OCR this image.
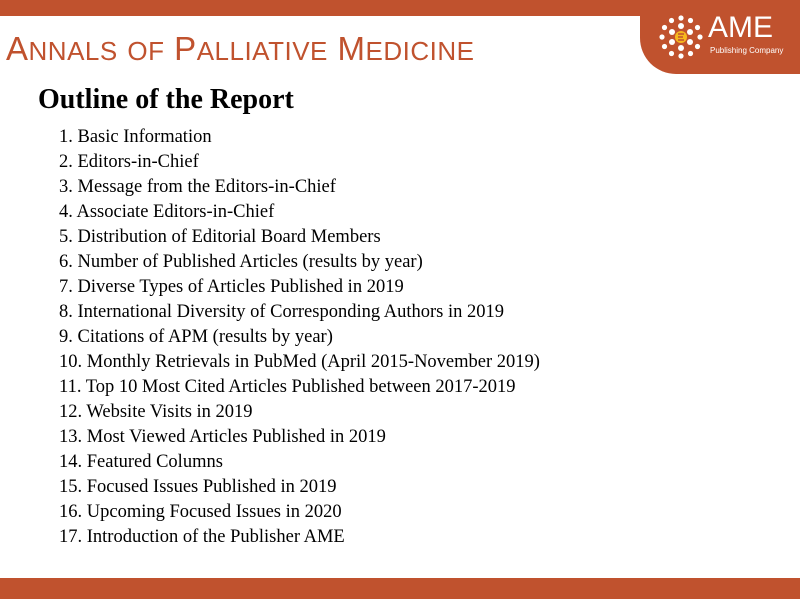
ANNALS OF PALLIATIVE MEDICINE
AME
Publishing Company
Outline of the Report
1. Basic Information
2. Editors-in-Chief
3. Message from the Editors-in-Chief
4. Associate Editors-in-Chief
5. Distribution of Editorial Board Members
6. Number of Published Articles (results by year)
7. Diverse Types of Articles Published in 2019
8. International Diversity of Corresponding Authors in 2019
9. Citations of APM (results by year)
10. Monthly Retrievals in PubMed (April 2015-November 2019)
11. Top 10 Most Cited Articles Published between 2017-2019
12. Website Visits in 2019
13. Most Viewed Articles Published in 2019
14. Featured Columns
15. Focused Issues Published in 2019
16. Upcoming Focused Issues in 2020
17. Introduction of the Publisher AME
